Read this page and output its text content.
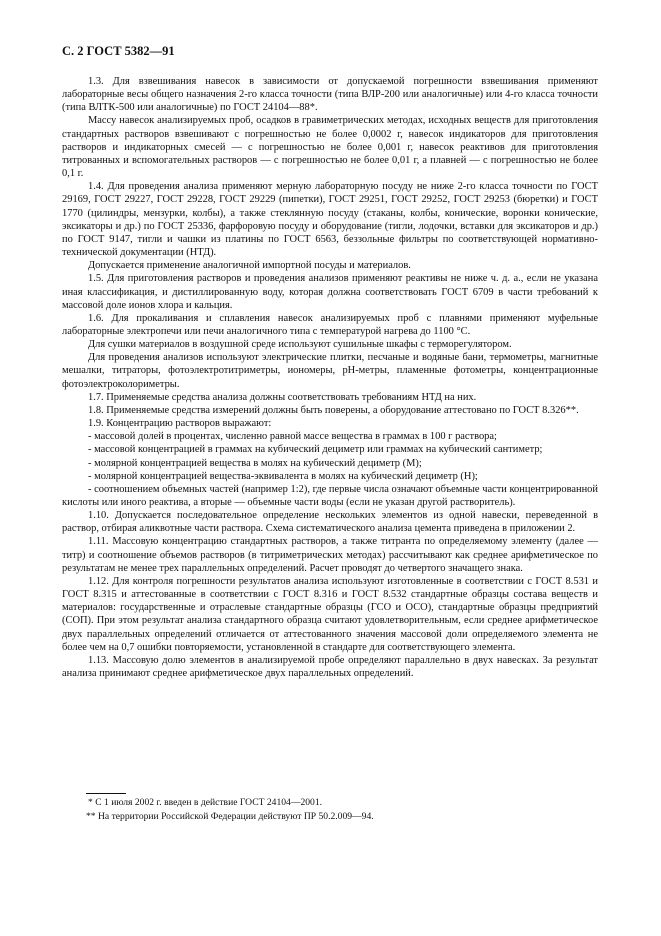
С. 2 ГОСТ 5382—91

1.3. Для взвешивания навесок в зависимости от допускаемой погрешности взвешивания применяют лабораторные весы общего назначения 2-го класса точности (типа ВЛР-200 или аналогичные) или 4-го класса точности (типа ВЛТК-500 или аналогичные) по ГОСТ 24104—88*.

Массу навесок анализируемых проб, осадков в гравиметрических методах, исходных веществ для приготовления стандартных растворов взвешивают с погрешностью не более 0,0002 г, навесок индикаторов для приготовления растворов и индикаторных смесей — с погрешностью не более 0,001 г, навесок реактивов для приготовления титрованных и вспомогательных растворов — с погрешностью не более 0,01 г, а плавней — с погрешностью не более 0,1 г.

1.4. Для проведения анализа применяют мерную лабораторную посуду не ниже 2-го класса точности по ГОСТ 29169, ГОСТ 29227, ГОСТ 29228, ГОСТ 29229 (пипетки), ГОСТ 29251, ГОСТ 29252, ГОСТ 29253 (бюретки) и ГОСТ 1770 (цилиндры, мензурки, колбы), а также стеклянную посуду (стаканы, колбы, конические, воронки конические, эксикаторы и др.) по ГОСТ 25336, фарфоровую посуду и оборудование (тигли, лодочки, вставки для эксикаторов и др.) по ГОСТ 9147, тигли и чашки из платины по ГОСТ 6563, беззольные фильтры по соответствующей нормативно-технической документации (НТД).

Допускается применение аналогичной импортной посуды и материалов.

1.5. Для приготовления растворов и проведения анализов применяют реактивы не ниже ч. д. а., если не указана иная классификация, и дистиллированную воду, которая должна соответствовать ГОСТ 6709 в части требований к массовой доле ионов хлора и кальция.

1.6. Для прокаливания и сплавления навесок анализируемых проб с плавнями применяют муфельные лабораторные электропечи или печи аналогичного типа с температурой нагрева до 1100 °С.

Для сушки материалов в воздушной среде используют сушильные шкафы с терморегулятором.

Для проведения анализов используют электрические плитки, песчаные и водяные бани, термометры, магнитные мешалки, титраторы, фотоэлектротитриметры, иономеры, рН-метры, пламенные фотометры, концентрационные фотоэлектроколориметры.

1.7. Применяемые средства анализа должны соответствовать требованиям НТД на них.

1.8. Применяемые средства измерений должны быть поверены, а оборудование аттестовано по ГОСТ 8.326**.

1.9. Концентрацию растворов выражают:

- массовой долей в процентах, численно равной массе вещества в граммах в 100 г раствора;

- массовой концентрацией в граммах на кубический дециметр или граммах на кубический сантиметр;

- молярной концентрацией вещества в молях на кубический дециметр (М);

- молярной концентрацией вещества-эквивалента в молях на кубический дециметр (Н);

- соотношением объемных частей (например 1:2), где первые числа означают объемные части концентрированной кислоты или иного реактива, а вторые — объемные части воды (если не указан другой растворитель).

1.10. Допускается последовательное определение нескольких элементов из одной навески, переведенной в раствор, отбирая аликвотные части раствора. Схема систематического анализа цемента приведена в приложении 2.

1.11. Массовую концентрацию стандартных растворов, а также титранта по определяемому элементу (далее — титр) и соотношение объемов растворов (в титриметрических методах) рассчитывают как среднее арифметическое по результатам не менее трех параллельных определений. Расчет проводят до четвертого значащего знака.

1.12. Для контроля погрешности результатов анализа используют изготовленные в соответствии с ГОСТ 8.531 и ГОСТ 8.315 и аттестованные в соответствии с ГОСТ 8.316 и ГОСТ 8.532 стандартные образцы состава веществ и материалов: государственные и отраслевые стандартные образцы (ГСО и ОСО), стандартные образцы предприятий (СОП). При этом результат анализа стандартного образца считают удовлетворительным, если среднее арифметическое двух параллельных определений отличается от аттестованного значения массовой доли определяемого элемента не более чем на 0,7 ошибки повторяемости, установленной в стандарте для соответствующего элемента.

1.13. Массовую долю элементов в анализируемой пробе определяют параллельно в двух навесках. За результат анализа принимают среднее арифметическое двух параллельных определений.

* С 1 июля 2002 г. введен в действие ГОСТ 24104—2001.

** На территории Российской Федерации действуют ПР 50.2.009—94.
